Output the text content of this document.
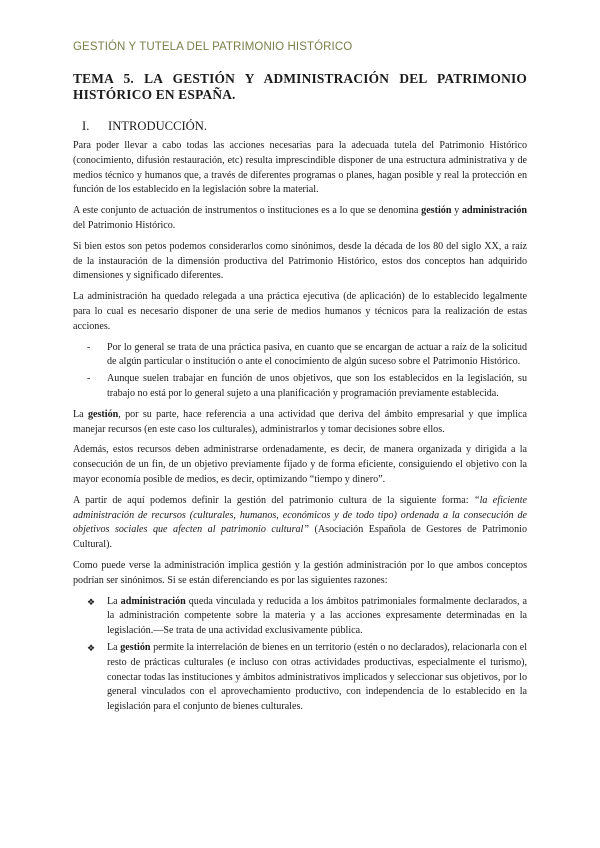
GESTIÓN Y TUTELA DEL PATRIMONIO HISTÓRICO
TEMA 5. LA GESTIÓN Y ADMINISTRACIÓN DEL PATRIMONIO HISTÓRICO EN ESPAÑA.
I. INTRODUCCIÓN.

Para poder llevar a cabo todas las acciones necesarias para la adecuada tutela del Patrimonio Histórico (conocimiento, difusión restauración, etc) resulta imprescindible disponer de una estructura administrativa y de medios técnico y humanos que, a través de diferentes programas o planes, hagan posible y real la protección en función de los establecido en la legislación sobre la material.

A este conjunto de actuación de instrumentos o instituciones es a lo que se denomina gestión y administración del Patrimonio Histórico.

Si bien estos son petos podemos considerarlos como sinónimos, desde la década de los 80 del siglo XX, a raíz de la instauración de la dimensión productiva del Patrimonio Histórico, estos dos conceptos han adquirido dimensiones y significado diferentes.

La administración ha quedado relegada a una práctica ejecutiva (de aplicación) de lo establecido legalmente para lo cual es necesario disponer de una serie de medios humanos y técnicos para la realización de estas acciones.

- Por lo general se trata de una práctica pasiva, en cuanto que se encargan de actuar a raíz de la solicitud de algún particular o institución o ante el conocimiento de algún suceso sobre el Patrimonio Histórico.
- Aunque suelen trabajar en función de unos objetivos, que son los establecidos en la legislación, su trabajo no está por lo general sujeto a una planificación y programación previamente establecida.

La gestión, por su parte, hace referencia a una actividad que deriva del ámbito empresarial y que implica manejar recursos (en este caso los culturales), administrarlos y tomar decisiones sobre ellos.

Además, estos recursos deben administrarse ordenadamente, es decir, de manera organizada y dirigida a la consecución de un fin, de un objetivo previamente fijado y de forma eficiente, consiguiendo el objetivo con la mayor economía posible de medios, es decir, optimizando “tiempo y dinero”.

A partir de aquí podemos definir la gestión del patrimonio cultura de la siguiente forma: “la eficiente administración de recursos (culturales, humanos, económicos y de todo tipo) ordenada a la consecución de objetivos sociales que afecten al patrimonio cultural” (Asociación Española de Gestores de Patrimonio Cultural).

Como puede verse la administración implica gestión y la gestión administración por lo que ambos conceptos podrían ser sinónimos. Si se están diferenciando es por las siguientes razones:

❖ La administración queda vinculada y reducida a los ámbitos patrimoniales formalmente declarados, a la administración competente sobre la materia y a las acciones expresamente determinadas en la legislación.—Se trata de una actividad exclusivamente pública.
❖ La gestión permite la interrelación de bienes en un territorio (estén o no declarados), relacionarla con el resto de prácticas culturales (e incluso con otras actividades productivas, especialmente el turismo), conectar todas las instituciones y ámbitos administrativos implicados y seleccionar sus objetivos, por lo general vinculados con el aprovechamiento productivo, con independencia de lo establecido en la legislación para el conjunto de bienes culturales.
